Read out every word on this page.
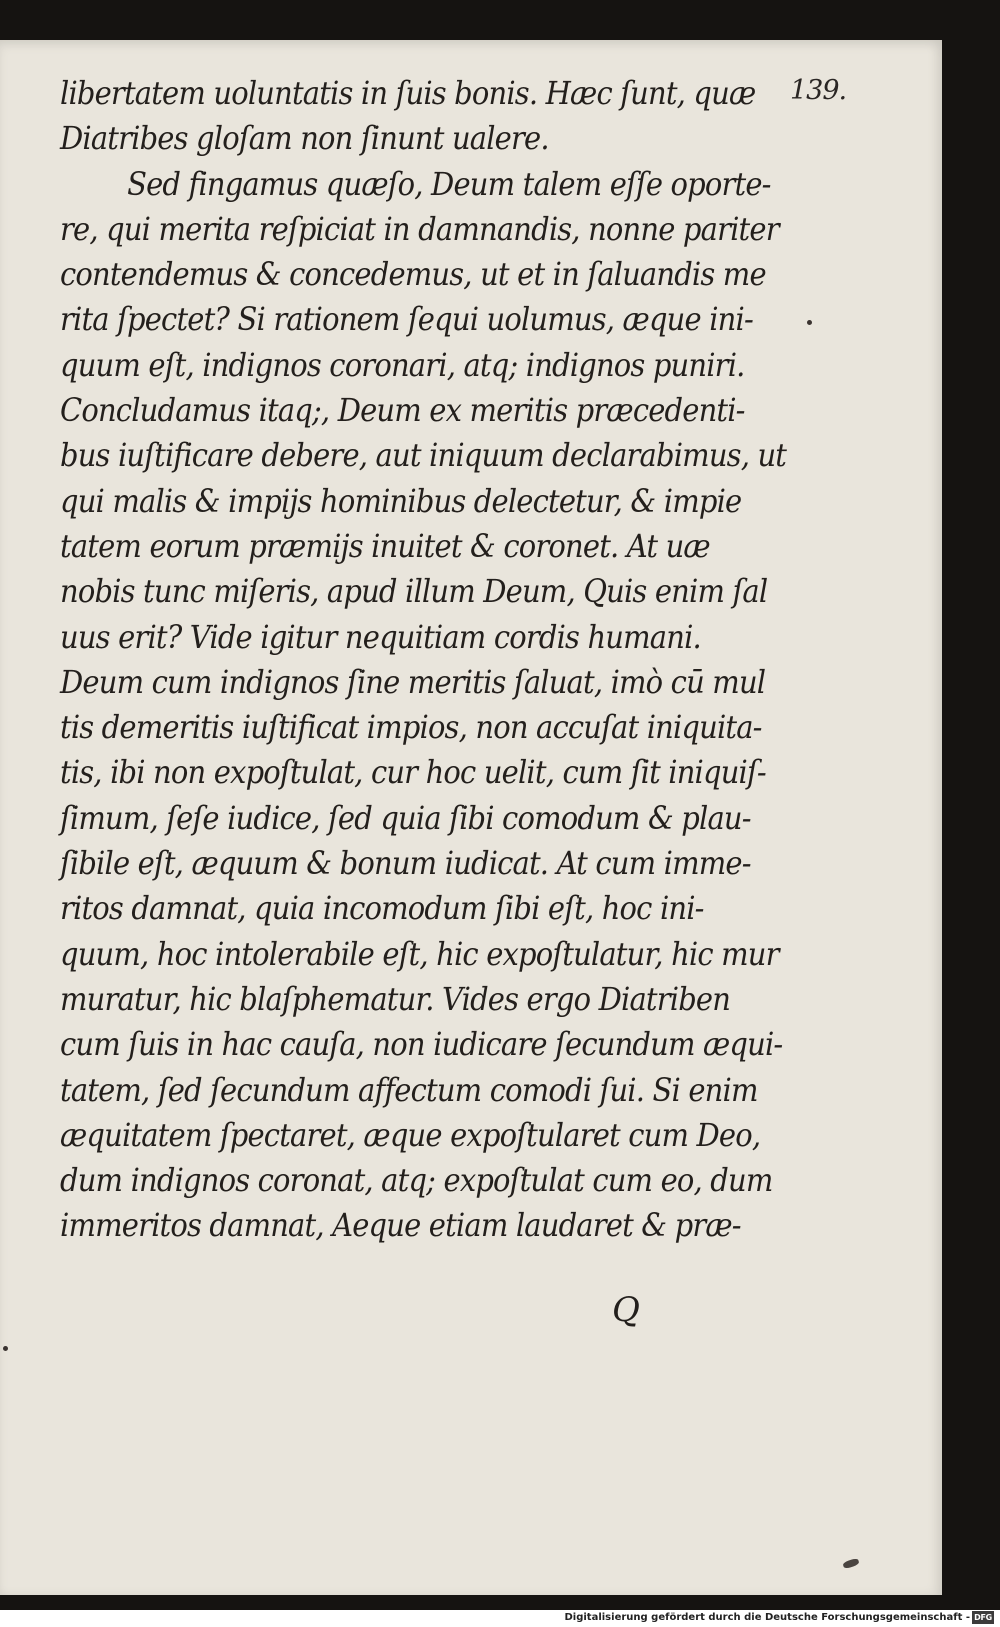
139.
libertatem uoluntatis in ſuis bonis. Hæc ſunt, quæ
Diatribes gloſam non ſinunt ualere.
Sed fingamus quæſo, Deum talem eſſe oporte-
re, qui merita reſpiciat in damnandis, nonne pariter
contendemus & concedemus, ut et in ſaluandis me
rita ſpectet? Si rationem ſequi uolumus, æque ini-
quum eſt, indignos coronari, atq; indignos puniri.
Concludamus itaq;, Deum ex meritis præcedenti-
bus iuſtificare debere, aut iniquum declarabimus, ut
qui malis & impijs hominibus delectetur, & impie
tatem eorum præmijs inuitet & coronet. At uæ
nobis tunc miſeris, apud illum Deum, Quis enim ſal
uus erit? Vide igitur nequitiam cordis humani.
Deum cum indignos ſine meritis ſaluat, imò cū mul
tis demeritis iuſtificat impios, non accuſat iniquita-
tis, ibi non expoſtulat, cur hoc uelit, cum ſit iniquiſ-
ſimum, ſeſe iudice, ſed quia ſibi comodum & plau-
ſibile eſt, æquum & bonum iudicat. At cum imme-
ritos damnat, quia incomodum ſibi eſt, hoc ini-
quum, hoc intolerabile eſt, hic expoſtulatur, hic mur
muratur, hic blaſphematur. Vides ergo Diatriben
cum ſuis in hac cauſa, non iudicare ſecundum æqui-
tatem, ſed ſecundum affectum comodi ſui. Si enim
æquitatem ſpectaret, æque expoſtularet cum Deo,
dum indignos coronat, atq; expoſtulat cum eo, dum
immeritos damnat, Aeque etiam laudaret & præ-
Q
Digitalisierung gefördert durch die Deutsche Forschungsgemeinschaft - DFG
